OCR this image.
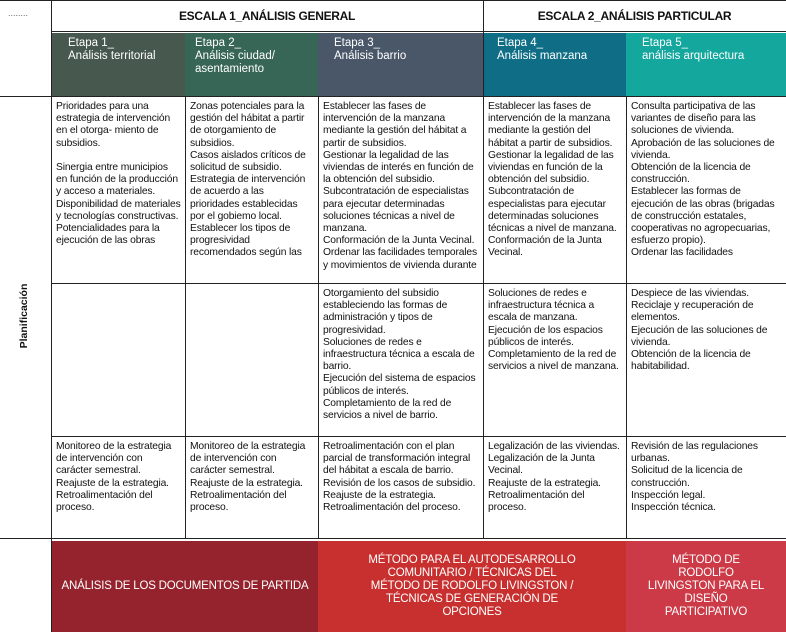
........	ESCALA 1_ANÁLISIS GENERAL	ESCALA 2_ANÁLISIS PARTICULAR
Etapa 1_
Análisis territorial
Etapa 2_
Análisis ciudad/ asentamiento
Etapa 3_
Análisis barrio
Etapa 4_
Análisis manzana
Etapa 5_
análisis arquitectura
Planificación

Prioridades para una estrategia de intervención en el otorga- miento de subsidios.

Sinergia entre municipios en función de la producción y acceso a materiales.
Disponibilidad de materiales y tecnologías constructivas.
Potencialidades para la ejecución de las obras

Zonas potenciales para la gestión del hábitat a partir de otorgamiento de subsidios.
Casos aislados críticos de solicitud de subsidio.
Estrategia de intervención de acuerdo a las prioridades establecidas por el gobiemo local.
Establecer los tipos de progresividad recomendados según las

Establecer las fases de intervención de la manzana mediante la gestión del hábitat a partir de subsidios.
Gestionar la legalidad de las viviendas de interés en función de la obtención del subsidio.
Subcontratación de especialistas para ejecutar determinadas soluciones técnicas a nivel de manzana.
Conformación de la Junta Vecinal.
Ordenar las facilidades temporales y movimientos de vivienda durante

Establecer las fases de intervención de la manzana mediante la gestión del hábitat a partir de subsidios.
Gestionar la legalidad de las viviendas en función de la obtención del subsidio.
Subcontratación de especialistas para ejecutar determinadas soluciones técnicas a nivel de manzana.
Conformación de la Junta Vecinal.

Consulta participativa de las variantes de diseño para las soluciones de vivienda.
Aprobación de las soluciones de vivienda.
Obtención de la licencia de construcción.
Establecer las formas de ejecución de las obras (brigadas de construcción estatales, cooperativas no agropecuarias, esfuerzo propio).
Ordenar las facilidades

Otorgamiento del subsidio estableciendo las formas de administración y tipos de progresividad.
Soluciones de redes e infraestructura técnica a escala de barrio.
Ejecución del sistema de espacios públicos de interés.
Completamiento de la red de servicios a nivel de barrio.

Soluciones de redes e infraestructura técnica a escala de manzana.
Ejecución de los espacios públicos de interés.
Completamiento de la red de servicios a nivel de manzana.

Despiece de las viviendas.
Reciclaje y recuperación de elementos.
Ejecución de las soluciones de vivienda.
Obtención de la licencia de habitabilidad.

Monitoreo de la estrategia de intervención con carácter semestral.
Reajuste de la estrategia.
Retroalimentación del proceso.

Monitoreo de la estrategia de intervención con carácter semestral.
Reajuste de la estrategia.
Retroalimentación del proceso.

Retroalimentación con el plan parcial de transformación integral del hábitat a escala de barrio.
Revisión de los casos de subsidio.
Reajuste de la estrategia.
Retroalimentación del proceso.

Legalización de las viviendas.
Legalización de la Junta Vecinal.
Reajuste de la estrategia.
Retroalimentación del proceso.

Revisión de las regulaciones urbanas.
Solicitud de la licencia de construcción.
Inspección legal.
Inspección técnica.

ANÁLISIS DE LOS DOCUMENTOS DE PARTIDA
MÉTODO PARA EL AUTODESARROLLO COMUNITARIO / TÉCNICAS DEL MÉTODO DE RODOLFO LIVINGSTON / TÉCNICAS DE GENERACIÓN DE OPCIONES
MÉTODO DE RODOLFO LIVINGSTON PARA EL DISEÑO PARTICIPATIVO
